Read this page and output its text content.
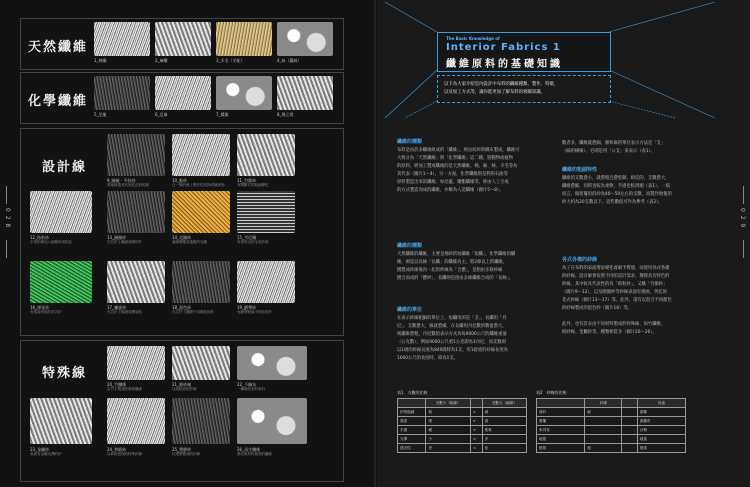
0 2 8	0 2 9
天然纖維
1_棉纖	2_麻纖	3_羊毛（羊駝）	4_絲（蠶絲）
化學纖維
5_尼龍	6_亞麻	7_嫘縈	8_聚乙烯
設計線
9_圈圈・平紋紗
將細線捲成有如蛇皮般的線
10_點紗
在一條紗線上製作粒狀物或線狀物
11_竹節紗
有間斷式的粗細變化
12_結粒紗
平滑的線加入細節形成粒狀
13_圈圈紗
在芯紗上纏繞成圈的紗
14_毛圈紗
讓線圈捲成蓬鬆的毛圈
15_雪尼爾
有著短毛的毛狀紗線
16_渾花紗
有捲曲形狀的花式紗
17_螺旋紗
在芯紗上捲繞成螺旋狀
18_混色紗
在芯紗上纏繞不同顏色的紗
19_緞帶紗
有緞帶般扁平形狀的紗
特殊線
20_竹纖維
由竹子製成的環保纖維
21_紙紗線
以紙撚成的紗線
22_不織布
一種無紡布的原料
23_金屬紗
表面有金屬光澤的紗
24_和紙紗
以和紙撚成的特殊紗線
25_塑膠紗
以塑膠製成的紗線
26_再生纖維
將回收材料製成的纖維
The Basic Knowledge of
Interior Fabrics 1
纖維原料的基礎知識
以下為大家介紹室內設計中布料的纖維種類、製作、特徵，
以及加工方式等，讓你能更加了解布料的相關知識。
纖維的種類
布料是由許多纖維組成的「纖維」，經由紡紗與織布製成，纖維可
大致分為「天然纖維」與「化學纖維」這二種。將動物或植物
的原料，經加工製成纖維的是天然纖維。棉、麻、絲、羊毛等為
其代表（圖片1～4）。另一方面，化學纖維則是利用石油等
原料製造出來的纖維，如尼龍、聚酯纖維等，經由人工合成
的方式製造而成的纖維，亦稱為人造纖維（圖片5～8）。
纖維的種類
天然纖維的纖維，主要是棉紗的短纖維「短纖」，化學纖維的纖
維，則是以長絲「長纖」的纖維為主。將2條以上的纖維，
撚製成紗線後再一起的紗線為「合撚」，是指由多條紗線
撚合而成的「撚紗」，長纖則是指由多條纖維合成的「長絲」。
纖維的單位
在表示紗線粗細的單位上，短纖用的是「支」，長纖用「丹
尼」。支數愈大，線就愈細，在長纖用丹尼數的數值愈大，
則纖維愈粗。丹尼數的表示方式為每9000公尺的纖維重量
（公克數），例如9000公尺重1公克即為1丹尼。而支數則
以1磅的紗線長度為840碼時為1支。用1磅重的紗線長度為
1000公尺的長度時，即為1支。
數者多，纖維就愈細。棉和麻的單位表示方法是「支」
（細的橫線）。毛則是用「公支」來表示（表1）。
纖維的粗細特性
纖維的支數愈小，就愈粗且愈堅韌。相反的，支數愈大，
纖維愈細，同時也較為柔軟，手感也較滑順（表1）。一般
而言，做窗簾用的紗為40～50左右的支數，而製作地毯的
紗大約為20支數以下。這些數值可作為參考（表2）。
各式各樣的紗線
為了在布料的表面增添變化或賦予質感，而使用各式各樣
的紗線。設計師會依照不同的設計需求，選擇具有特色的
紗線。其中較具代表性的為「結粒紗」，又稱「竹節紗」
（圖片9～12），以及圈圈紗等紗線表面有捲曲、突起的
花式紗線（圖片13～17）等。此外，還有以混合不同顏色
的紗線製成的混色紗（圖片18）等。
此外，也有許多由不同材料製成的特殊線，如竹纖維、
紙紗線、金屬紗等，種類相當多（圖片20～26）。
表1　支數的比較
	支數少（粗線）		支數大（細線）
紗的粗細	粗	>	細
強度	強	>	弱
手感	硬	<	柔軟
光澤	少	<	多
透光性	差	<	佳
表2　紗線的比較
	紗線		用途
薄紗	細		窗簾
窗簾			窗簾布
家具布			沙發
地毯			地毯
壁紙	粗		壁紙
